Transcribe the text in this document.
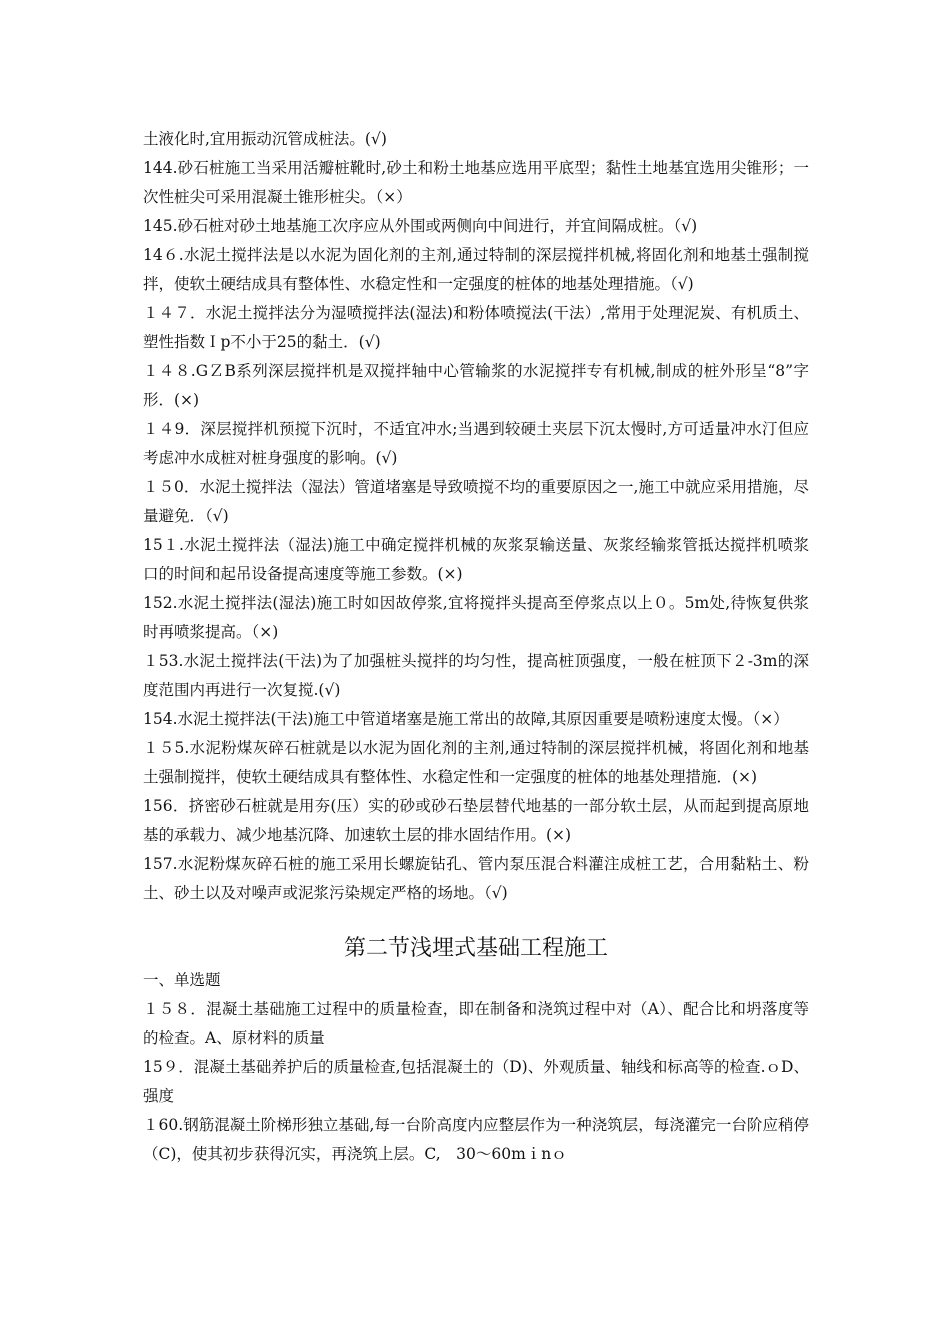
土液化时,宜用振动沉管成桩法。(√)

144.砂石桩施工当采用活瓣桩靴时,砂土和粉土地基应选用平底型；黏性土地基宜选用尖锥形；一次性桩尖可采用混凝土锥形桩尖。（×）

145.砂石桩对砂土地基施工次序应从外围或两侧向中间进行，并宜间隔成桩。（√)

14６.水泥土搅拌法是以水泥为固化剂的主剂,通过特制的深层搅拌机械,将固化剂和地基土强制搅拌，使软土硬结成具有整体性、水稳定性和一定强度的桩体的地基处理措施。（√)

１４７．水泥土搅拌法分为湿喷搅拌法(湿法)和粉体喷搅法(干法）,常用于处理泥炭、有机质土、塑性指数Ｉp不小于25的黏土．(√)

１４８.GＺB系列深层搅拌机是双搅拌轴中心管输浆的水泥搅拌专有机械,制成的桩外形呈“8”字形．(×)

１４9．深层搅拌机预搅下沉时，不适宜冲水;当遇到较硬土夹层下沉太慢时,方可适量冲水汀但应考虑冲水成桩对桩身强度的影响。(√)

１５0．水泥土搅拌法（湿法）管道堵塞是导致喷搅不均的重要原因之一,施工中就应采用措施，尽量避免．（√)

15１.水泥土搅拌法（湿法)施工中确定搅拌机械的灰浆泵输送量、灰浆经输浆管抵达搅拌机喷浆口的时间和起吊设备提高速度等施工参数。(×)

152.水泥土搅拌法(湿法)施工时如因故停浆,宜将搅拌头提高至停浆点以上０。5m处,待恢复供浆时再喷浆提高。（×)

１53.水泥土搅拌法(干法)为了加强桩头搅拌的均匀性，提高桩顶强度，一般在桩顶下２-3m的深度范围内再进行一次复搅.(√)

154.水泥土搅拌法(干法)施工中管道堵塞是施工常出的故障,其原因重要是喷粉速度太慢。（×）

１５5.水泥粉煤灰碎石桩就是以水泥为固化剂的主剂,通过特制的深层搅拌机械，将固化剂和地基土强制搅拌，使软土硬结成具有整体性、水稳定性和一定强度的桩体的地基处理措施．(×)

156．挤密砂石桩就是用夯(压）实的砂或砂石垫层替代地基的一部分软土层，从而起到提高原地基的承载力、减少地基沉降、加速软土层的排水固结作用。(×)

157.水泥粉煤灰碎石桩的施工采用长螺旋钻孔、管内泵压混合料灌注成桩工艺，合用黏粘土、粉土、砂土以及对噪声或泥浆污染规定严格的场地。（√)

第二节浅埋式基础工程施工

一、单选题

１５８．混凝土基础施工过程中的质量检查，即在制备和浇筑过程中对（A）、配合比和坍落度等的检查。A、原材料的质量

15９．混凝土基础养护后的质量检查,包括混凝土的（D)、外观质量、轴线和标高等的检查.ｏD、强度

１60.钢筋混凝土阶梯形独立基础,每一台阶高度内应整层作为一种浇筑层，每浇灌完一台阶应稍停（C)，使其初步获得沉实，再浇筑上层。C,　30～60mｉnｏ
